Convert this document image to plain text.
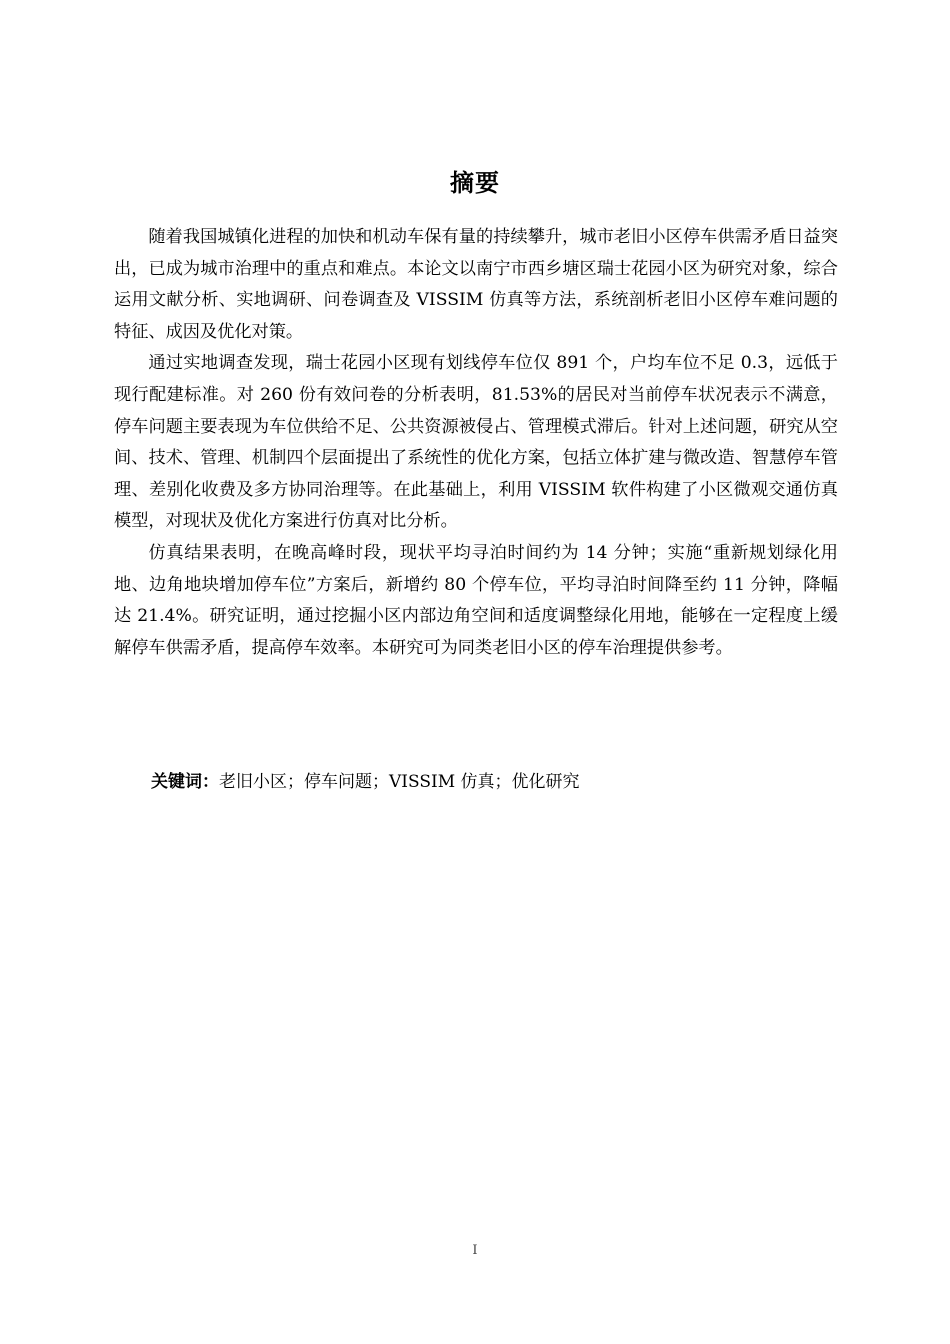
摘要

随着我国城镇化进程的加快和机动车保有量的持续攀升，城市老旧小区停车供需矛盾日益突出，已成为城市治理中的重点和难点。本论文以南宁市西乡塘区瑞士花园小区为研究对象，综合运用文献分析、实地调研、问卷调查及 VISSIM 仿真等方法，系统剖析老旧小区停车难问题的特征、成因及优化对策。

通过实地调查发现，瑞士花园小区现有划线停车位仅 891 个，户均车位不足 0.3，远低于现行配建标准。对 260 份有效问卷的分析表明，81.53%的居民对当前停车状况表示不满意，停车问题主要表现为车位供给不足、公共资源被侵占、管理模式滞后。针对上述问题，研究从空间、技术、管理、机制四个层面提出了系统性的优化方案，包括立体扩建与微改造、智慧停车管理、差别化收费及多方协同治理等。在此基础上，利用 VISSIM 软件构建了小区微观交通仿真模型，对现状及优化方案进行仿真对比分析。

仿真结果表明，在晚高峰时段，现状平均寻泊时间约为 14 分钟；实施“重新规划绿化用地、边角地块增加停车位”方案后，新增约 80 个停车位，平均寻泊时间降至约 11 分钟，降幅达 21.4%。研究证明，通过挖掘小区内部边角空间和适度调整绿化用地，能够在一定程度上缓解停车供需矛盾，提高停车效率。本研究可为同类老旧小区的停车治理提供参考。

关键词：老旧小区；停车问题；VISSIM 仿真；优化研究
I
